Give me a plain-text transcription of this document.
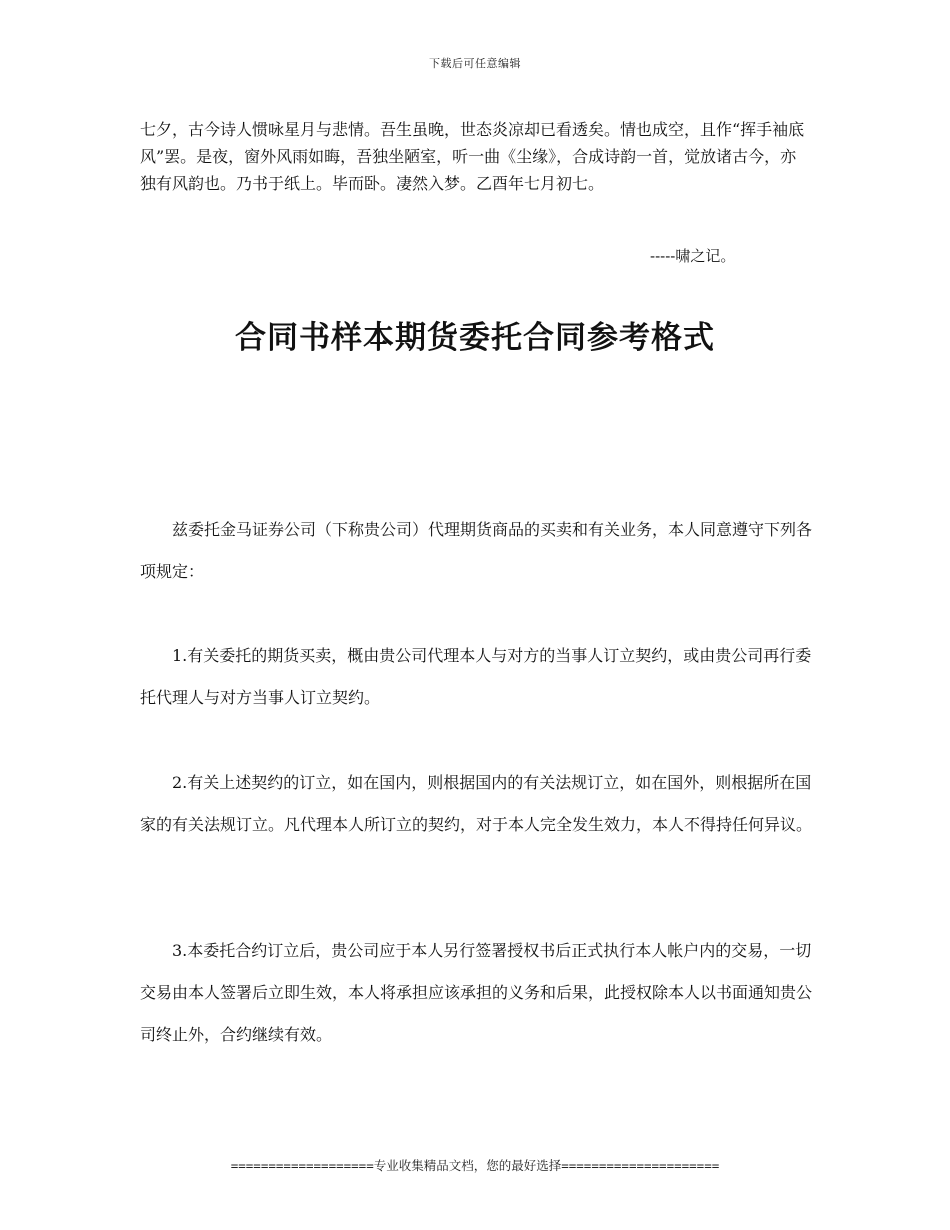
下载后可任意编辑

七夕，古今诗人惯咏星月与悲情。吾生虽晚，世态炎凉却已看透矣。情也成空，且作“挥手袖底风”罢。是夜，窗外风雨如晦，吾独坐陋室，听一曲《尘缘》，合成诗韵一首，觉放诸古今，亦独有风韵也。乃书于纸上。毕而卧。凄然入梦。乙酉年七月初七。

-----啸之记。

合同书样本期货委托合同参考格式

兹委托金马证券公司（下称贵公司）代理期货商品的买卖和有关业务，本人同意遵守下列各项规定：

1.有关委托的期货买卖，概由贵公司代理本人与对方的当事人订立契约，或由贵公司再行委托代理人与对方当事人订立契约。

2.有关上述契约的订立，如在国内，则根据国内的有关法规订立，如在国外，则根据所在国家的有关法规订立。凡代理本人所订立的契约，对于本人完全发生效力，本人不得持任何异议。

3.本委托合约订立后，贵公司应于本人另行签署授权书后正式执行本人帐户内的交易，一切交易由本人签署后立即生效，本人将承担应该承担的义务和后果，此授权除本人以书面通知贵公司终止外，合约继续有效。

===================专业收集精品文档，您的最好选择=====================
